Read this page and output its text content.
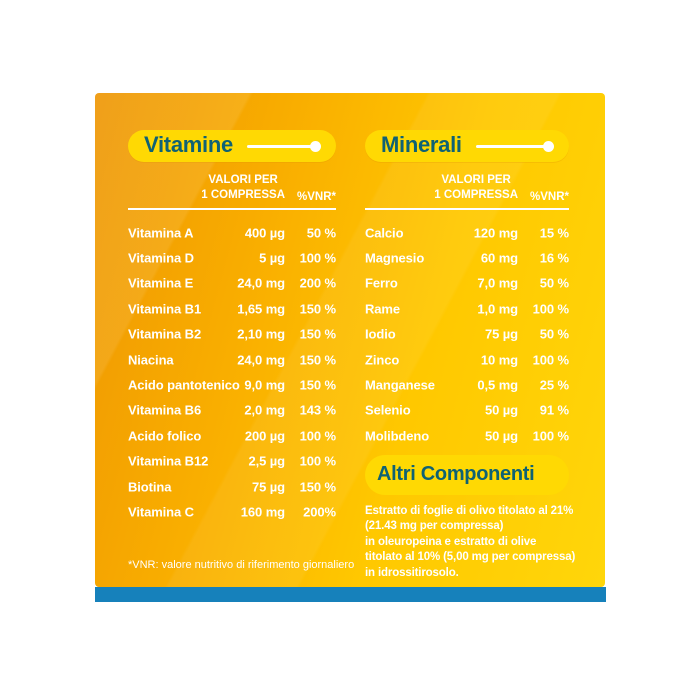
Vitamine
VALORI PER
1 COMPRESSA %VNR*
Vitamina A	400 µg 50 %
Vitamina D	5 µg 100 %
Vitamina E	24,0 mg 200 %
Vitamina B1	1,65 mg 150 %
Vitamina B2	2,10 mg 150 %
Niacina	24,0 mg 150 %
Acido pantotenico 9,0 mg 150 %
Vitamina B6	2,0 mg 143 %
Acido folico	200 µg 100 %
Vitamina B12	2,5 µg 100 %
Biotina	75 µg 150 %
Vitamina C	160 mg 200%
Minerali
VALORI PER
1 COMPRESSA %VNR*
Calcio	120 mg 15 %
Magnesio	60 mg 16 %
Ferro	7,0 mg 50 %
Rame	1,0 mg 100 %
Iodio	75 µg 50 %
Zinco	10 mg 100 %
Manganese	0,5 mg 25 %
Selenio	50 µg 91 %
Molibdeno	50 µg 100 %
Altri Componenti
Estratto di foglie di olivo titolato al 21%
(21.43 mg per compressa)
in oleuropeina e estratto di olive
titolato al 10% (5,00 mg per compressa)
in idrossitirosolo.
*VNR: valore nutritivo di riferimento giornaliero
